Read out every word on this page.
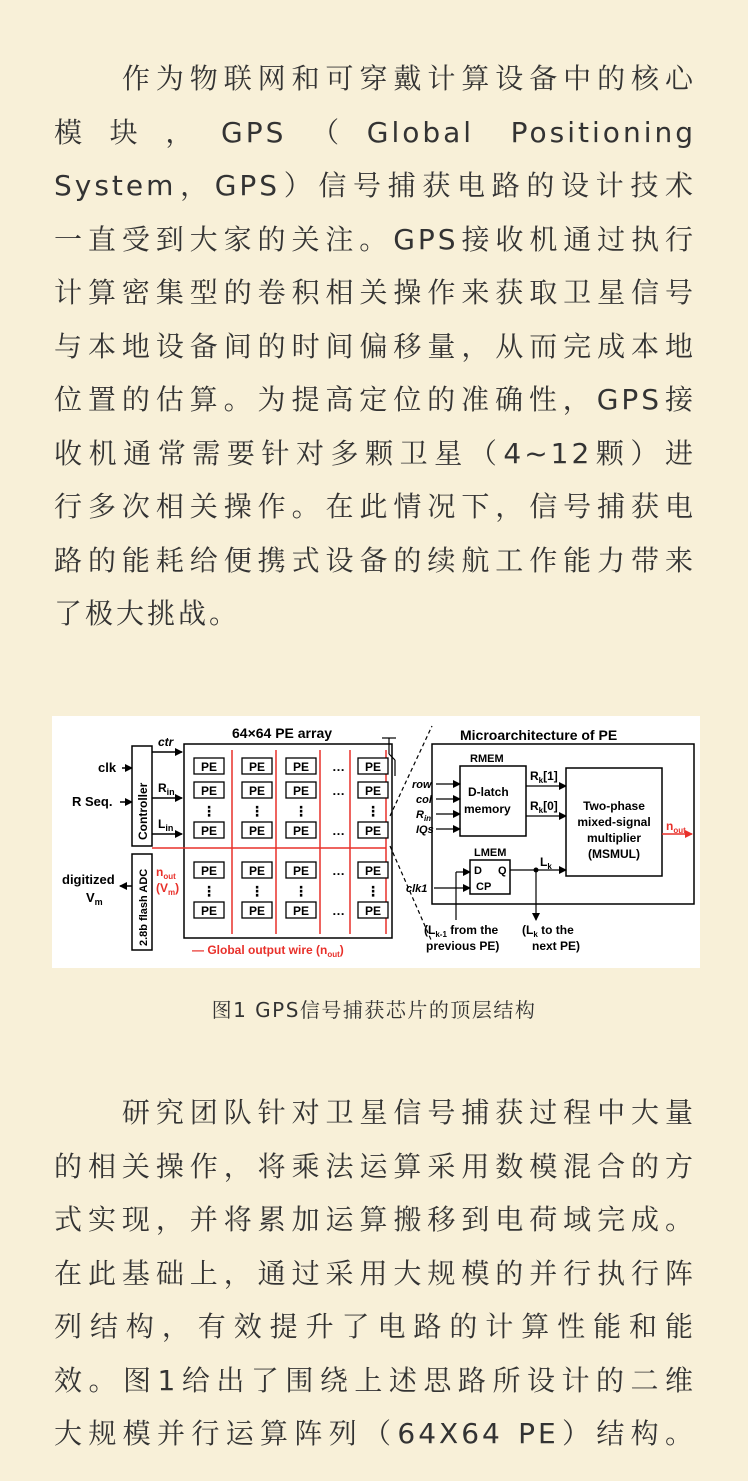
　　作为物联网和可穿戴计算设备中的核心
模块，GPS（Global Positioning
System，GPS）信号捕获电路的设计技术
一直受到大家的关注。GPS接收机通过执行
计算密集型的卷积相关操作来获取卫星信号
与本地设备间的时间偏移量，从而完成本地
位置的估算。为提高定位的准确性，GPS接
收机通常需要针对多颗卫星（4~12颗）进
行多次相关操作。在此情况下，信号捕获电
路的能耗给便携式设备的续航工作能力带来
了极大挑战。
clk
R Seq. Controller
ctr
$R_{in}$
$L_{in}$
2.8b flash ADC
digitized
$V_m$
$n_{out}$
$(V_m)$
64×64 PE array
PE	PE PE … PE
PE	PE PE … PE
⋮ ⋮ ⋮	⋮
PE	PE PE … PE
PE	PE PE … PE
⋮ ⋮ ⋮	⋮
PE	PE PE … PE
— Global output wire $(n_{out})$
Microarchitecture of PE
RMEM
D-latch
memory
row
col
$R_{in}$
IQs
$R_k[1]$
$R_k[0]$ Two-phase
mixed-signal
multiplier
(MSMUL)
$n_{out}$
LMEM
D Q
CP
$L_k$
clk1
($L_{k-1}$ from the
previous PE)
($L_k$ to the
next PE)
图1 GPS信号捕获芯片的顶层结构
　　研究团队针对卫星信号捕获过程中大量
的相关操作，将乘法运算采用数模混合的方
式实现，并将累加运算搬移到电荷域完成。
在此基础上，通过采用大规模的并行执行阵
列结构，有效提升了电路的计算性能和能
效。图1给出了围绕上述思路所设计的二维
大规模并行运算阵列（64X64 PE）结构。
